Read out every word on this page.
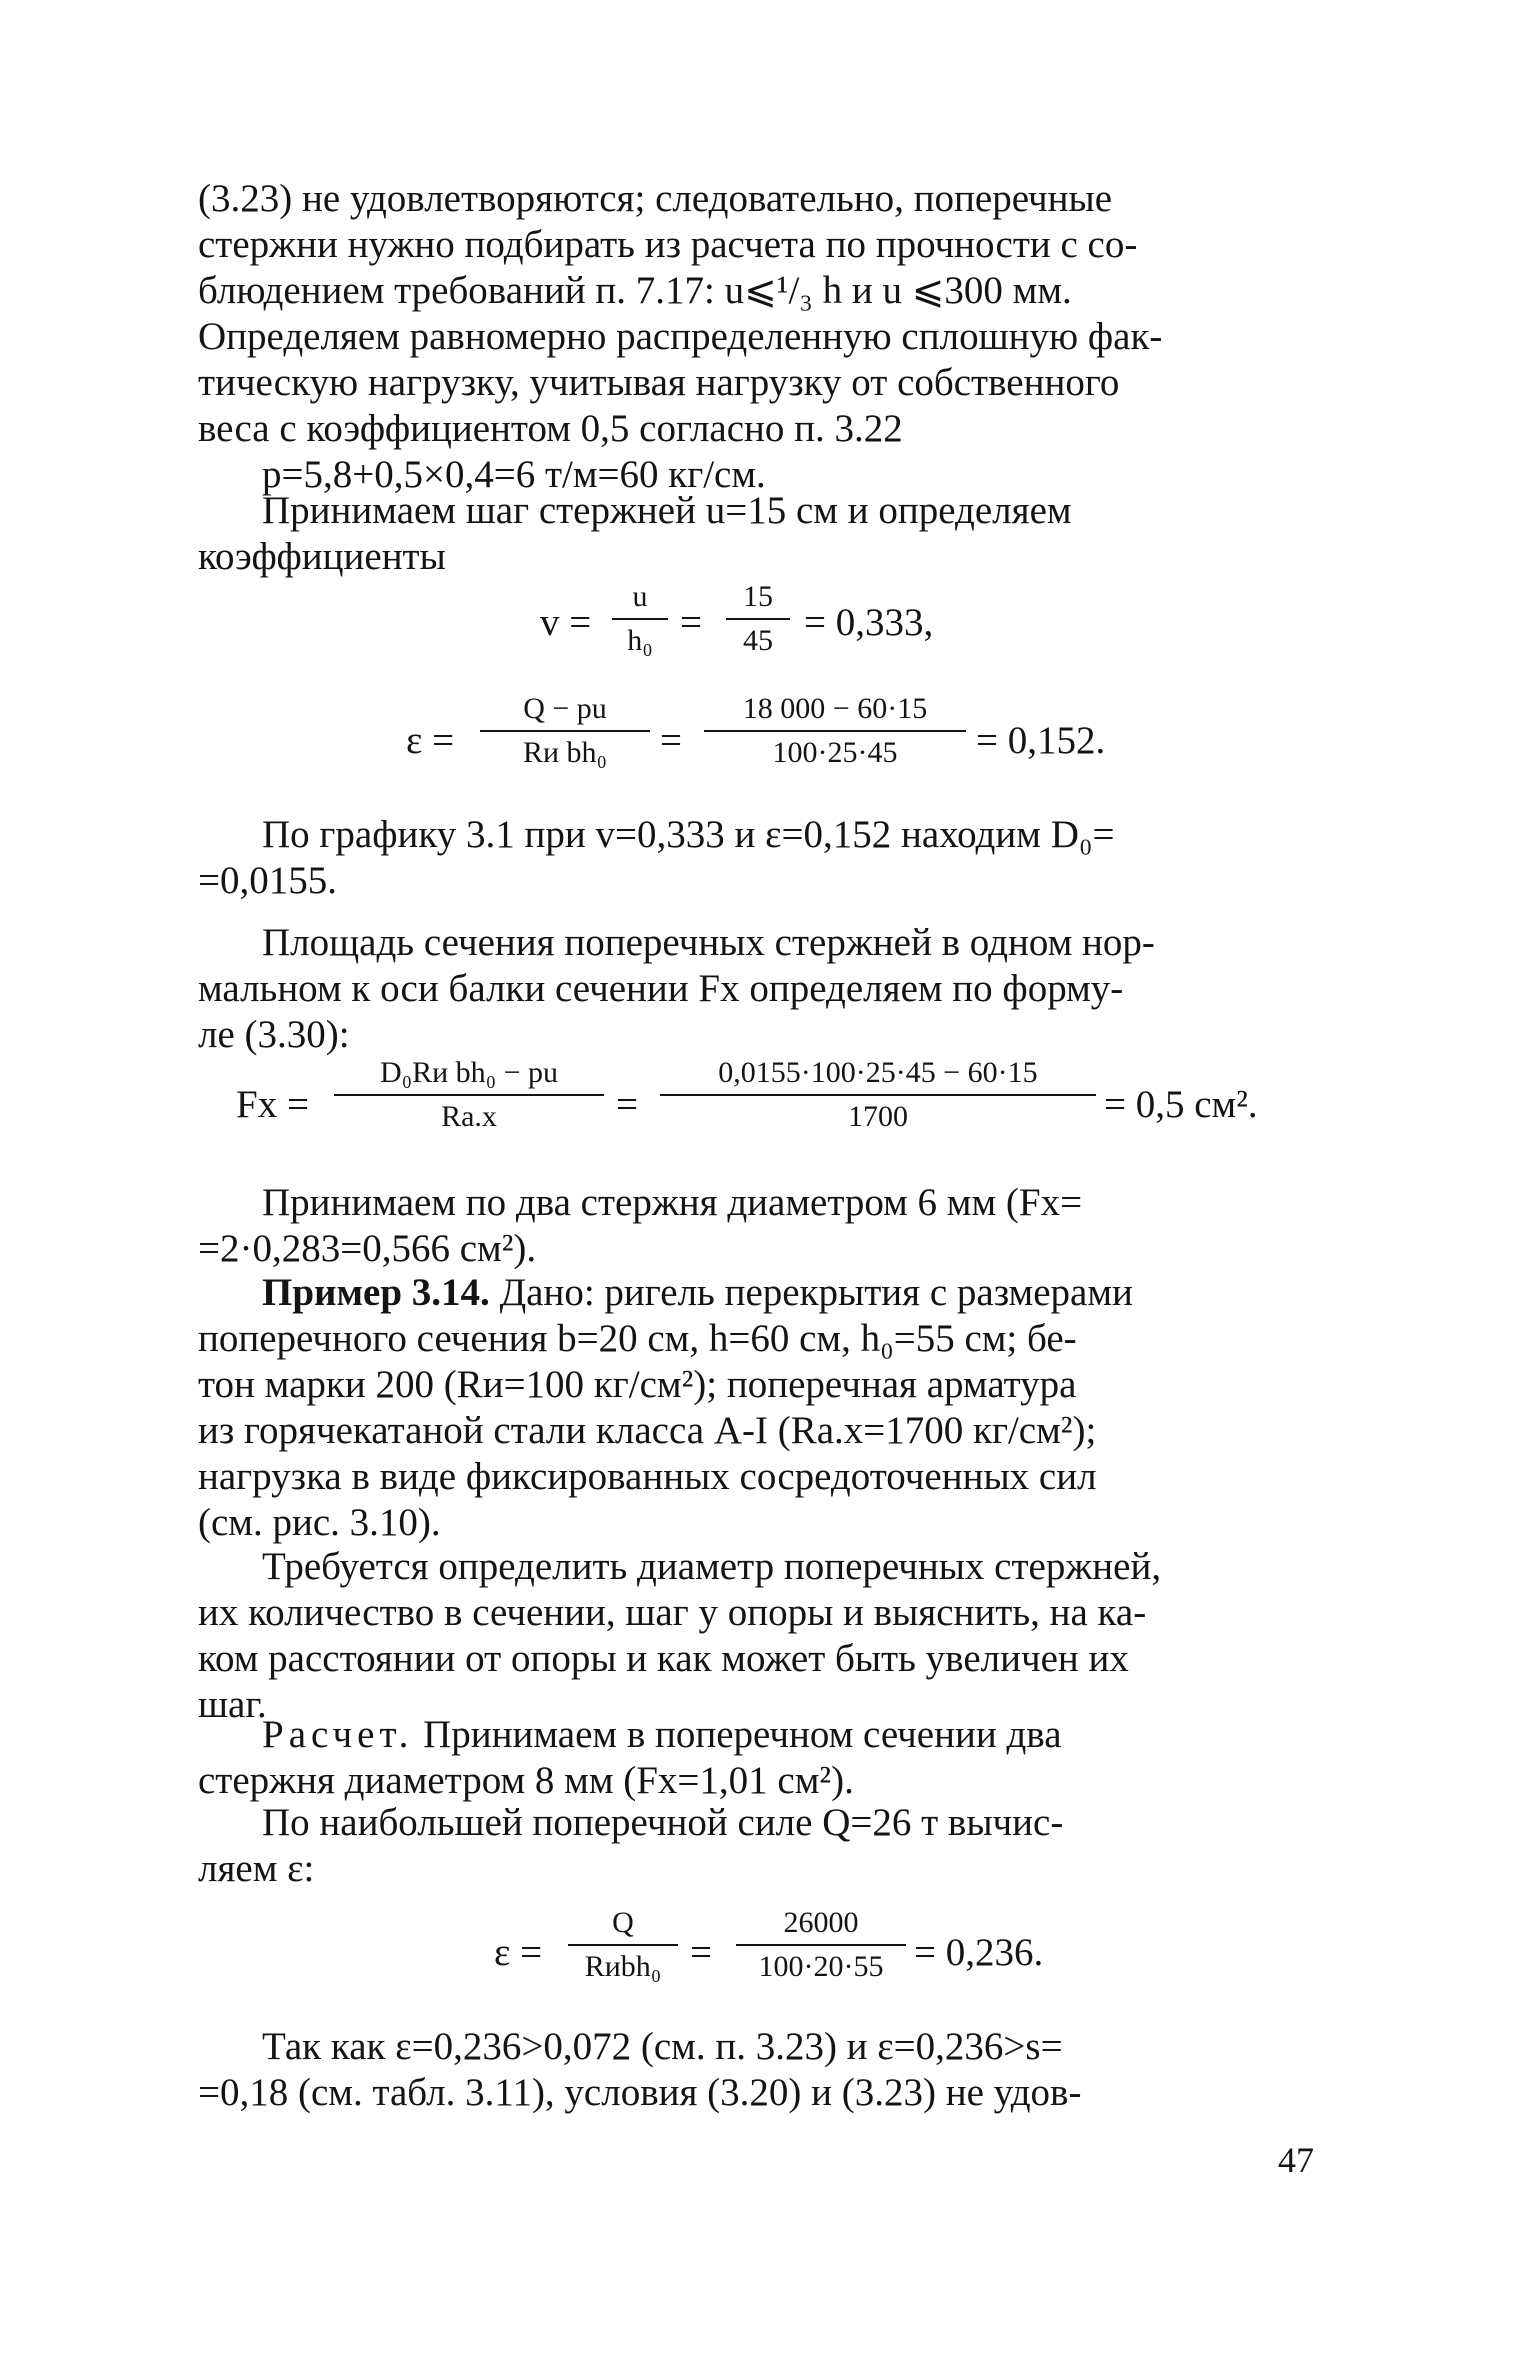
(3.23) не удовлетворяются; следовательно, поперечные
стержни нужно подбирать из расчета по прочности с со-
блюдением требований п. 7.17: u⩽¹/₃ h и u ⩽300 мм.
Определяем равномерно распределенную сплошную фак-
тическую нагрузку, учитывая нагрузку от собственного
веса с коэффициентом 0,5 согласно п. 3.22
p=5,8+0,5×0,4=6 т/м=60 кг/см.
Принимаем шаг стержней u=15 см и определяем
коэффициенты
$v = \frac{u}{\text{h₀}} = \frac{15}{45} = 0,333$,
ε =
Q − pu
Rи bh₀	= $\frac{18 000 - 60\cdot 15}{100\cdot 25\cdot 45} = 0,152$.
По графику 3.1 при v=0,333 и ε=0,152 находим D₀=
=0,0155.
Площадь сечения поперечных стержней в одном нор-
мальном к оси балки сечении Fх определяем по форму-
ле (3.30):
Fх =
D₀Rи bh₀ − pu
Rа.х	= $\frac{0,0155\cdot 100\cdot 25\cdot 45 - 60\cdot 15}{1700} = 0,5$ см².
Принимаем по два стержня диаметром 6 мм (Fх=
=2·0,283=0,566 см²).
Пример 3.14. Дано: ригель перекрытия с размерами
поперечного сечения b=20 см, h=60 см, h₀=55 см; бе-
тон марки 200 (Rи=100 кг/см²); поперечная арматура
из горячекатаной стали класса А-I (Rа.х=1700 кг/см²);
нагрузка в виде фиксированных сосредоточенных сил
(см. рис. 3.10).
Требуется определить диаметр поперечных стержней,
их количество в сечении, шаг у опоры и выяснить, на ка-
ком расстоянии от опоры и как может быть увеличен их
шаг.
Расчет. Принимаем в поперечном сечении два
стержня диаметром 8 мм (Fх=1,01 см²).
По наибольшей поперечной силе Q=26 т вычис-
ляем ε:
ε =
Q
Rиbh₀ = $\frac{26000}{100\cdot 20\cdot 55} = 0,236$.
Так как ε=0,236>0,072 (см. п. 3.23) и ε=0,236>s=
=0,18 (см. табл. 3.11), условия (3.20) и (3.23) не удов-
47
